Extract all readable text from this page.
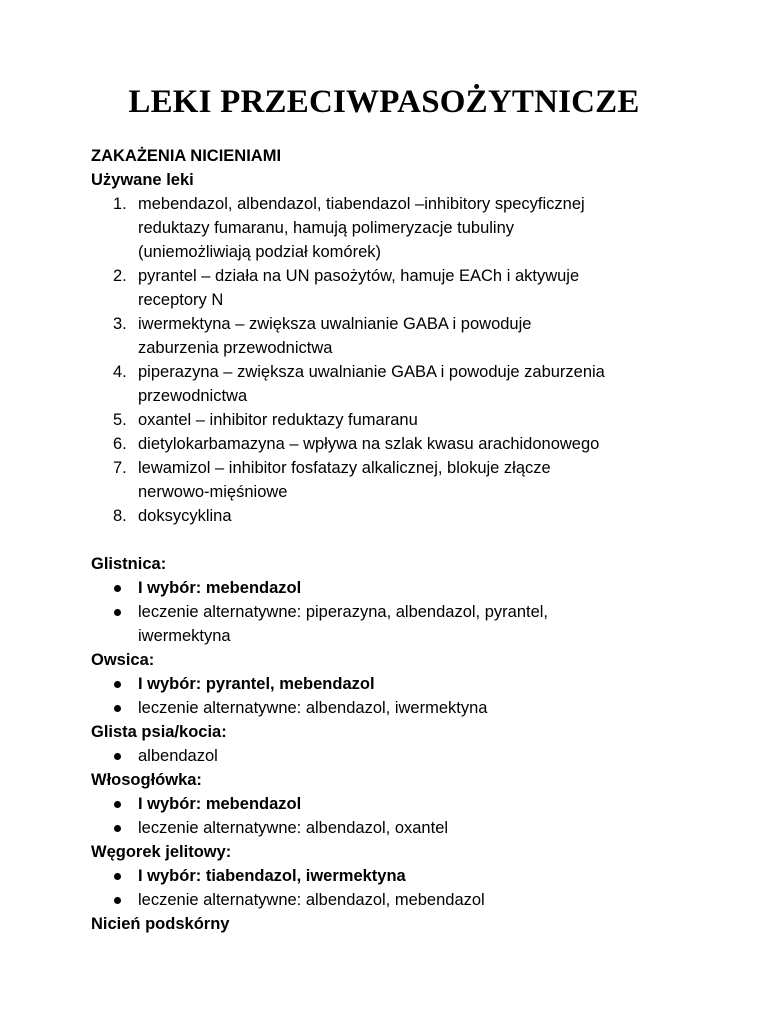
LEKI PRZECIWPASOŻYTNICZE
ZAKAŻENIA NICIENIAMI
Używane leki
1. mebendazol, albendazol, tiabendazol –inhibitory specyficznej
reduktazy fumaranu, hamują polimeryzacje tubuliny
(uniemożliwiają podział komórek)
2. pyrantel – działa na UN pasożytów, hamuje EACh i aktywuje
receptory N
3. iwermektyna – zwiększa uwalnianie GABA i powoduje
zaburzenia przewodnictwa
4. piperazyna – zwiększa uwalnianie GABA i powoduje zaburzenia
przewodnictwa
5. oxantel – inhibitor reduktazy fumaranu
6. dietylokarbamazyna – wpływa na szlak kwasu arachidonowego
7. lewamizol – inhibitor fosfatazy alkalicznej, blokuje złącze
nerwowo-mięśniowe
8. doksycyklina
Glistnica:
I wybór: mebendazol
leczenie alternatywne: piperazyna, albendazol, pyrantel,
iwermektyna
Owsica:
I wybór: pyrantel, mebendazol
leczenie alternatywne: albendazol, iwermektyna
Glista psia/kocia:
albendazol
Włosogłówka:
I wybór: mebendazol
leczenie alternatywne: albendazol, oxantel
Węgorek jelitowy:
I wybór: tiabendazol, iwermektyna
leczenie alternatywne: albendazol, mebendazol
Nicień podskórny
